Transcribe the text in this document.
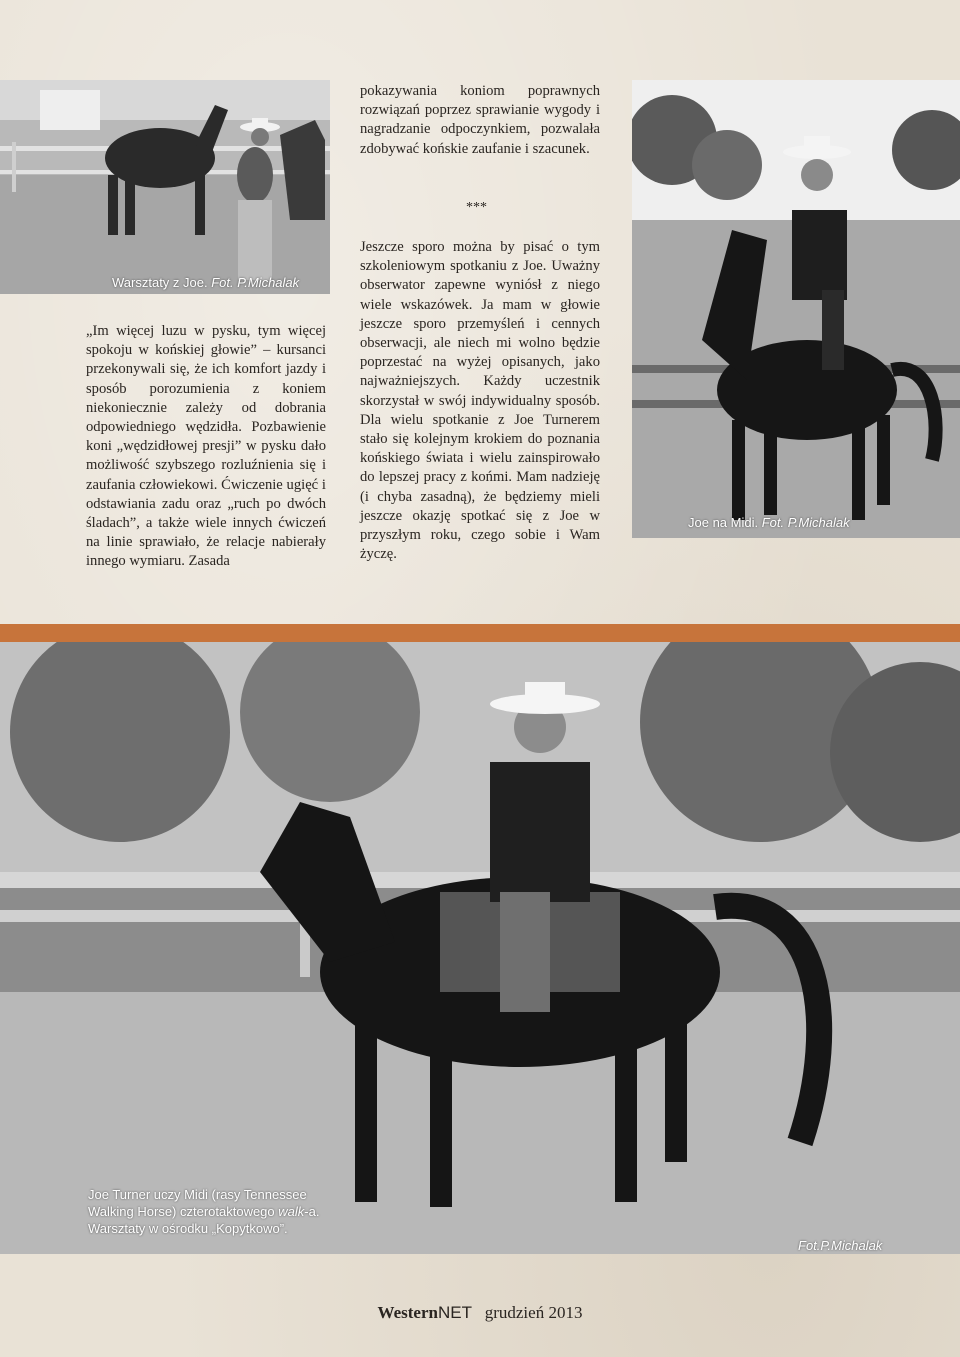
Warsztaty z Joe. Fot. P.Michalak

„Im więcej luzu w pysku, tym więcej spokoju w końskiej głowie” – kursanci przekonywali się, że ich komfort jazdy i sposób porozumienia z koniem niekoniecznie zależy od dobrania odpowiedniego wędzidła. Pozbawienie koni „wędzidłowej presji” w pysku dało możliwość szybszego rozluźnienia się i zaufania człowiekowi. Ćwiczenie ugięć i odstawiania zadu oraz „ruch po dwóch śladach”, a także wiele innych ćwiczeń na linie sprawiało, że relacje nabierały innego wymiaru. Zasada

pokazywania koniom poprawnych rozwiązań poprzez sprawianie wygody i nagradzanie odpoczynkiem, pozwalała zdobywać końskie zaufanie i szacunek.

***

Jeszcze sporo można by pisać o tym szkoleniowym spotkaniu z Joe. Uważny obserwator zapewne wyniósł z niego wiele wskazówek. Ja mam w głowie jeszcze sporo przemyśleń i cennych obserwacji, ale niech mi wolno będzie poprzestać na wyżej opisanych, jako najważniejszych. Każdy uczestnik skorzystał w swój indywidualny sposób. Dla wielu spotkanie z Joe Turnerem stało się kolejnym krokiem do poznania końskiego świata i wielu zainspirowało do lepszej pracy z końmi. Mam nadzieję (i chyba zasadną), że będziemy mieli jeszcze okazję spotkać się z Joe w przyszłym roku, czego sobie i Wam życzę.

Joe na Midi. Fot. P.Michalak
Joe Turner uczy Midi (rasy Tennessee
Walking Horse) czterotaktowego walk-a.
Warsztaty w ośrodku „Kopytkowo”.
Fot.P.Michalak
WesternNET grudzień 2013
